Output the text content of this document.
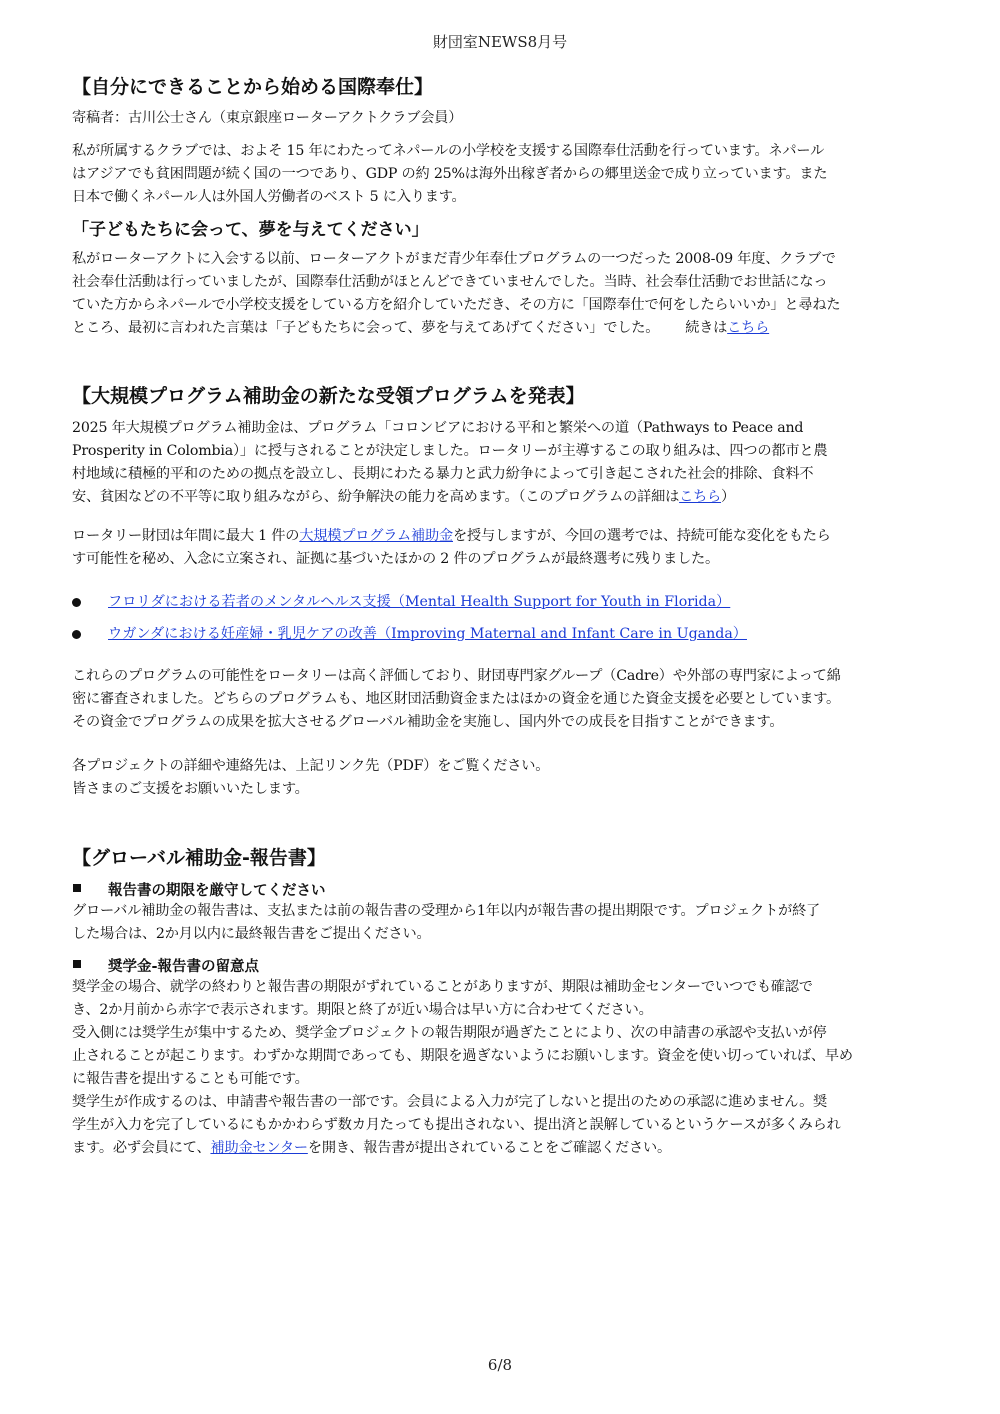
財団室NEWS8月号
【自分にできることから始める国際奉仕】
寄稿者：古川公士さん（東京銀座ローターアクトクラブ会員）
私が所属するクラブでは、およそ 15 年にわたってネパールの小学校を支援する国際奉仕活動を行っています。ネパール
はアジアでも貧困問題が続く国の一つであり、GDP の約 25%は海外出稼ぎ者からの郷里送金で成り立っています。また
日本で働くネパール人は外国人労働者のベスト 5 に入ります。
「子どもたちに会って、夢を与えてください」
私がローターアクトに入会する以前、ローターアクトがまだ青少年奉仕プログラムの一つだった 2008-09 年度、クラブで
社会奉仕活動は行っていましたが、国際奉仕活動がほとんどできていませんでした。当時、社会奉仕活動でお世話になっ
ていた方からネパールで小学校支援をしている方を紹介していただき、その方に「国際奉仕で何をしたらいいか」と尋ねた
ところ、最初に言われた言葉は「子どもたちに会って、夢を与えてあげてください」でした。 続きはこちら
【大規模プログラム補助金の新たな受領プログラムを発表】
2025 年大規模プログラム補助金は、プログラム「コロンビアにおける平和と繁栄への道（Pathways to Peace and
Prosperity in Colombia）」に授与されることが決定しました。ロータリーが主導するこの取り組みは、四つの都市と農
村地域に積極的平和のための拠点を設立し、長期にわたる暴力と武力紛争によって引き起こされた社会的排除、食料不
安、貧困などの不平等に取り組みながら、紛争解決の能力を高めます。（このプログラムの詳細はこちら）
ロータリー財団は年間に最大 1 件の大規模プログラム補助金を授与しますが、今回の選考では、持続可能な変化をもたら
す可能性を秘め、入念に立案され、証拠に基づいたほかの 2 件のプログラムが最終選考に残りました。
フロリダにおける若者のメンタルヘルス支援（Mental Health Support for Youth in Florida）
ウガンダにおける妊産婦・乳児ケアの改善（Improving Maternal and Infant Care in Uganda）
これらのプログラムの可能性をロータリーは高く評価しており、財団専門家グループ（Cadre）や外部の専門家によって綿
密に審査されました。どちらのプログラムも、地区財団活動資金またはほかの資金を通じた資金支援を必要としています。
その資金でプログラムの成果を拡大させるグローバル補助金を実施し、国内外での成長を目指すことができます。
各プロジェクトの詳細や連絡先は、上記リンク先（PDF）をご覧ください。
皆さまのご支援をお願いいたします。
【グローバル補助金-報告書】
報告書の期限を厳守してください
グローバル補助金の報告書は、支払または前の報告書の受理から1年以内が報告書の提出期限です。プロジェクトが終了
した場合は、2か月以内に最終報告書をご提出ください。
奨学金-報告書の留意点
奨学金の場合、就学の終わりと報告書の期限がずれていることがありますが、期限は補助金センターでいつでも確認で
き、2か月前から赤字で表示されます。期限と終了が近い場合は早い方に合わせてください。
受入側には奨学生が集中するため、奨学金プロジェクトの報告期限が過ぎたことにより、次の申請書の承認や支払いが停
止されることが起こります。わずかな期間であっても、期限を過ぎないようにお願いします。資金を使い切っていれば、早め
に報告書を提出することも可能です。
奨学生が作成するのは、申請書や報告書の一部です。会員による入力が完了しないと提出のための承認に進めません。奨
学生が入力を完了しているにもかかわらず数カ月たっても提出されない、提出済と誤解しているというケースが多くみられ
ます。必ず会員にて、補助金センターを開き、報告書が提出されていることをご確認ください。
6/8
